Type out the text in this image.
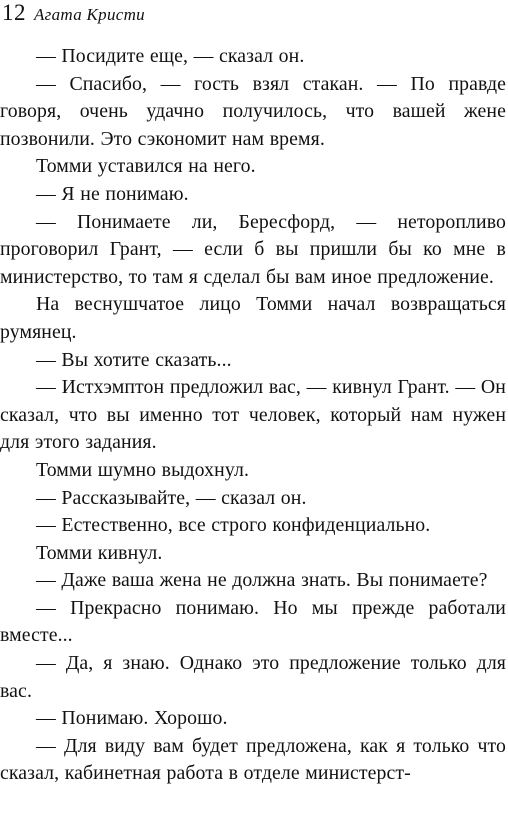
12 Агата Кристи

— Посидите еще, — сказал он.

— Спасибо, — гость взял стакан. — По правде говоря, очень удачно получилось, что вашей жене позвонили. Это сэкономит нам время.

Томми уставился на него.

— Я не понимаю.

— Понимаете ли, Бересфорд, — неторопливо проговорил Грант, — если б вы пришли бы ко мне в министерство, то там я сделал бы вам иное предложение.

На веснушчатое лицо Томми начал возвращаться румянец.

— Вы хотите сказать...

— Истхэмптон предложил вас, — кивнул Грант. — Он сказал, что вы именно тот человек, который нам нужен для этого задания.

Томми шумно выдохнул.

— Рассказывайте, — сказал он.

— Естественно, все строго конфиденциально.

Томми кивнул.

— Даже ваша жена не должна знать. Вы понимаете?

— Прекрасно понимаю. Но мы прежде работали вместе...

— Да, я знаю. Однако это предложение только для вас.

— Понимаю. Хорошо.

— Для виду вам будет предложена, как я только что сказал, кабинетная работа в отделе министерст-
